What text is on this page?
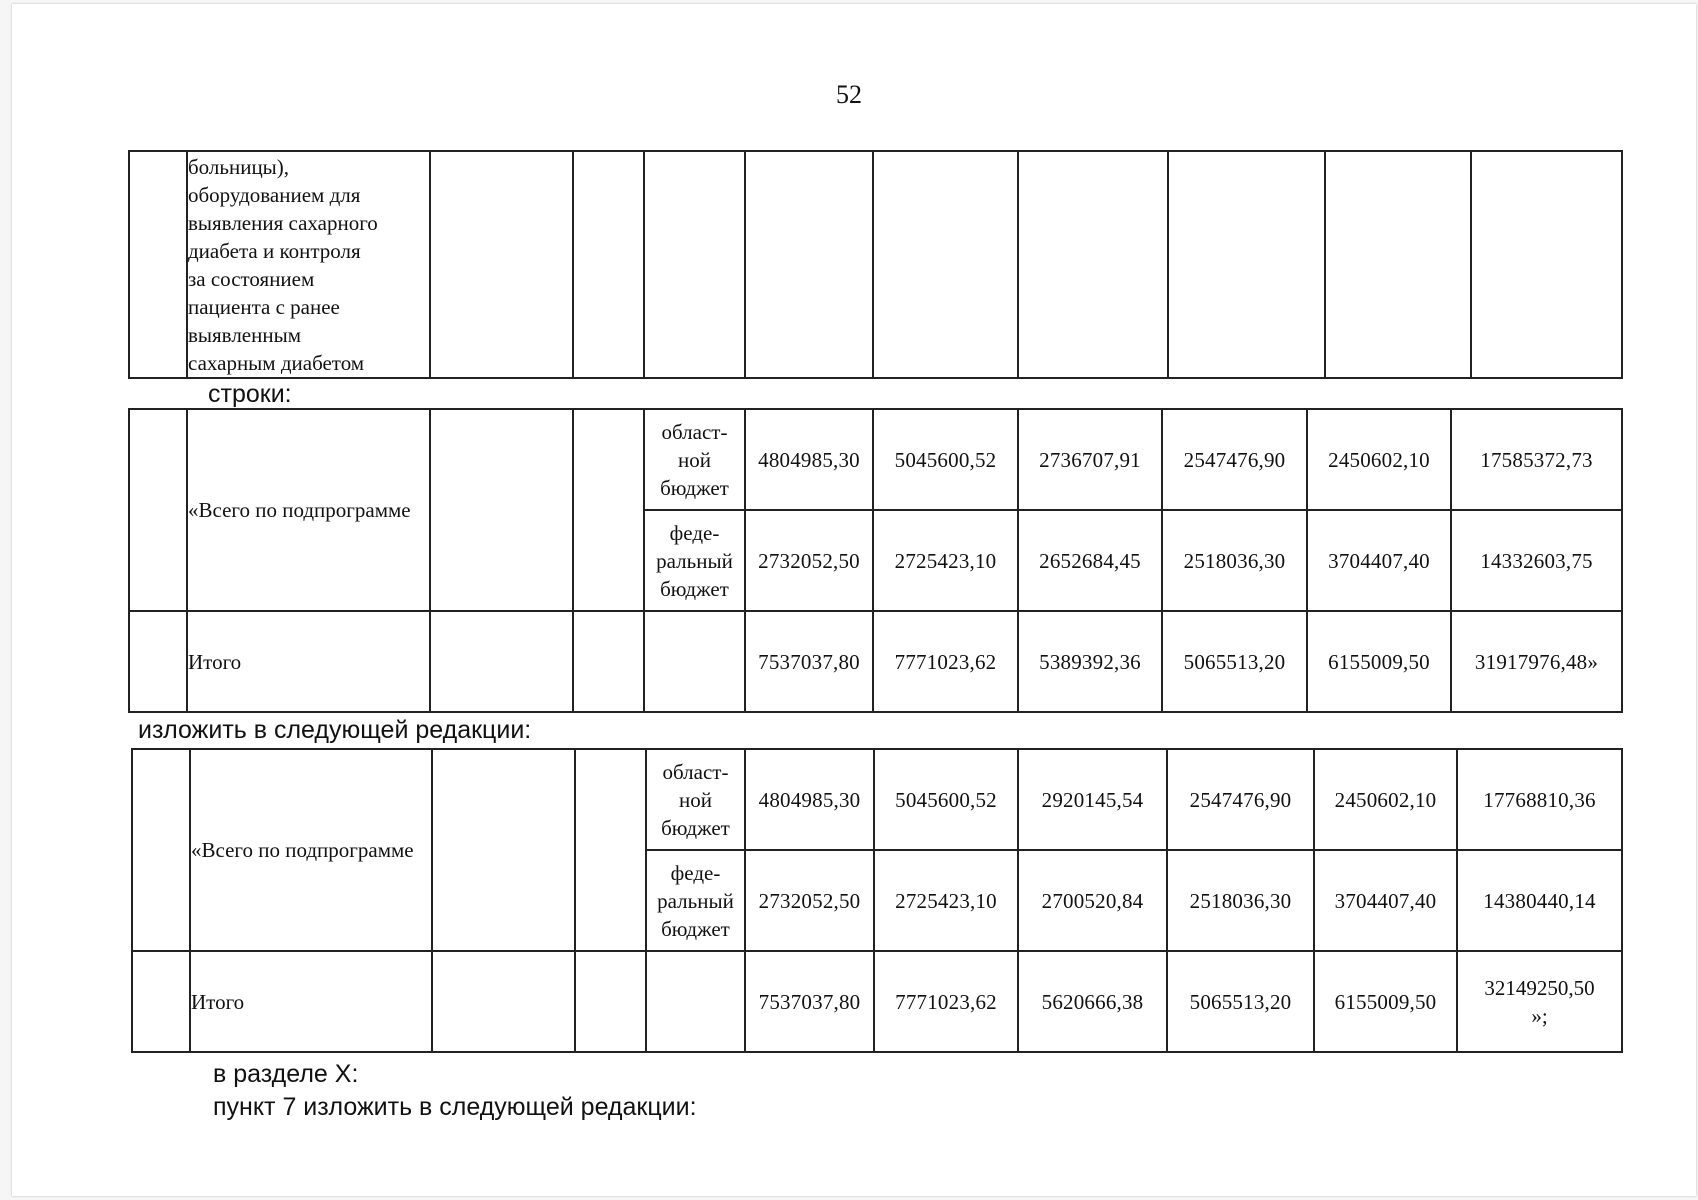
52

больницы),
оборудованием для
выявления сахарного
диабета и контроля
за состоянием
пациента с ранее
выявленным
сахарным диабетом

строки:
	«Всего по подпрограмме			област-
ной
бюджет	4804985,30	5045600,52	2736707,91	2547476,90	2450602,10	17585372,73

				феде-
ральный
бюджет	2732052,50	2725423,10	2652684,45	2518036,30	3704407,40	14332603,75
	Итого				7537037,80	7771023,62	5389392,36	5065513,20	6155009,50	31917976,48»
изложить в следующей редакции:
	«Всего по подпрограмме			област-
ной
бюджет	4804985,30	5045600,52	2920145,54	2547476,90	2450602,10	17768810,36

				феде-
ральный
бюджет	2732052,50	2725423,10	2700520,84	2518036,30	3704407,40	14380440,14
	Итого				7537037,80	7771023,62	5620666,38	5065513,20	6155009,50	32149250,50
»;
в разделе X:
пункт 7 изложить в следующей редакции:
